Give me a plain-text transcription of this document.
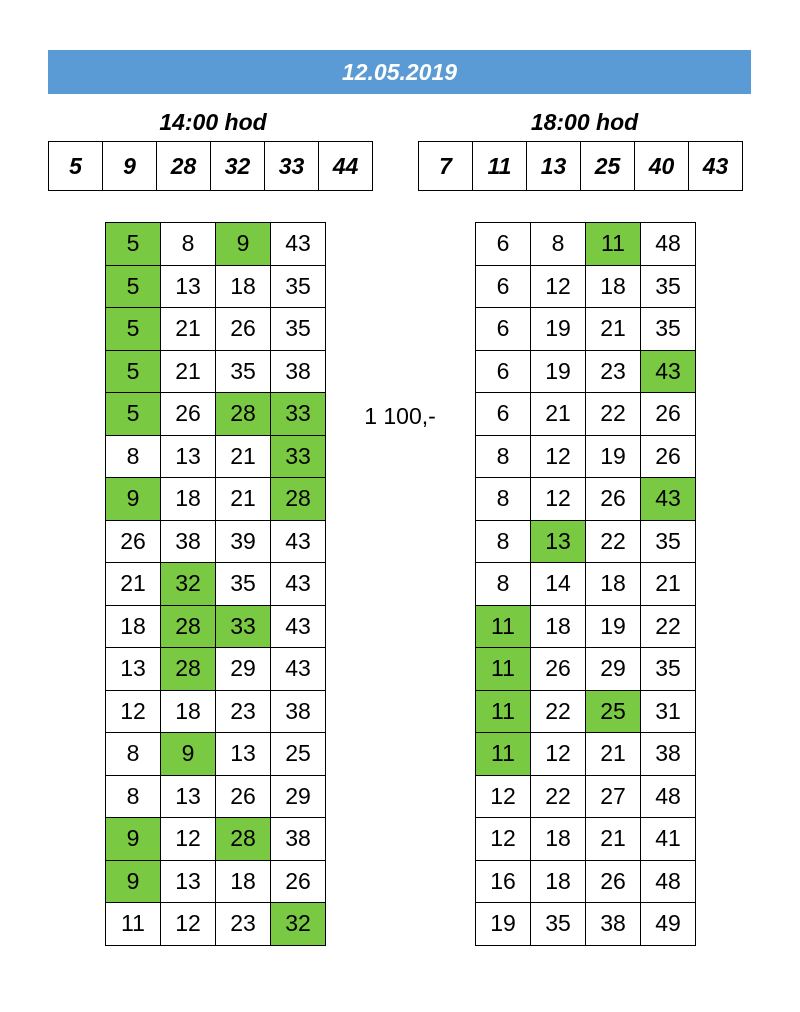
12.05.2019
14:00 hod	18:00 hod
5	9	28	32	33	44	7	11	13	25	40	43
5	8	9	43
5	13	18	35
5	21	26	35
5	21	35	38
5	26	28	33
8	13	21	33
9	18	21	28
26	38	39	43
21	32	35	43
18	28	33	43
13	28	29	43
12	18	23	38
8	9	13	25
8	13	26	29
9	12	28	38
9	13	18	26
11	12	23	32
6	8	11	48
6	12	18	35
6	19	21	35
6	19	23	43
6	21	22	26
8	12	19	26
8	12	26	43
8	13	22	35
8	14	18	21
11	18	19	22
11	26	29	35
11	22	25	31
11	12	21	38
12	22	27	48
12	18	21	41
16	18	26	48
19	35	38	49
1 100,-
